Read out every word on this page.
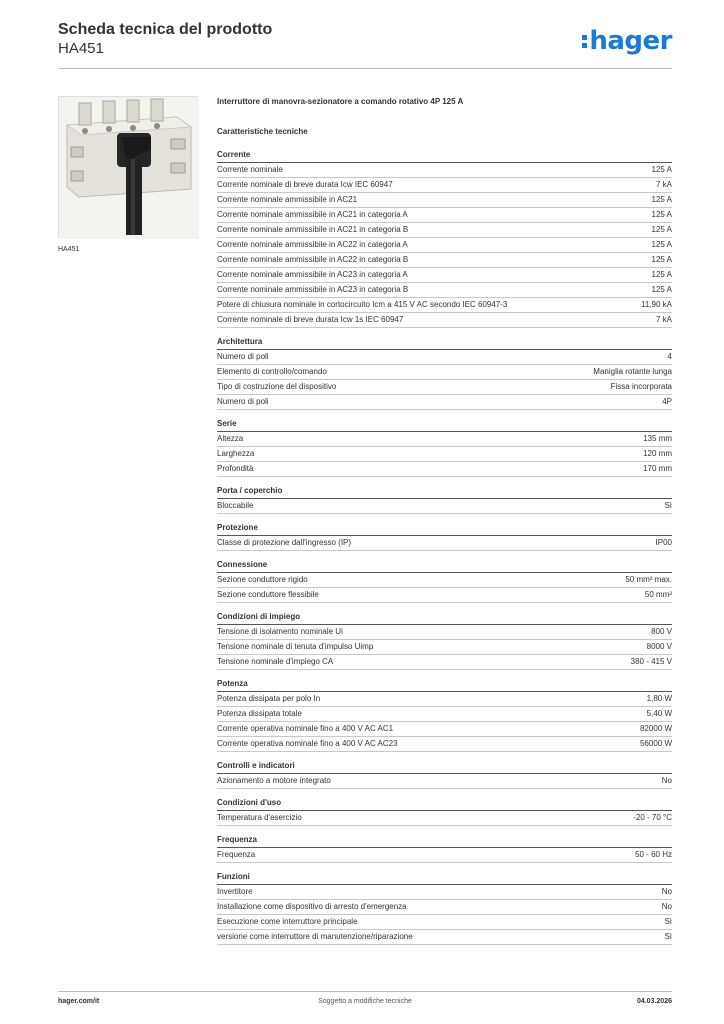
Scheda tecnica del prodotto
HA451	hager
HA451
Interruttore di manovra-sezionatore a comando rotativo 4P 125 A
Caratteristiche tecniche
Corrente
Corrente nominale	125 A
Corrente nominale di breve durata Icw IEC 60947	7 kA
Corrente nominale ammissibile in AC21	125 A
Corrente nominale ammissibile in AC21 in categoria A	125 A
Corrente nominale ammissibile in AC21 in categoria B	125 A
Corrente nominale ammissibile in AC22 in categoria A	125 A
Corrente nominale ammissibile in AC22 in categoria B	125 A
Corrente nominale ammissibile in AC23 in categoria A	125 A
Corrente nominale ammissibile in AC23 in categoria B	125 A
Potere di chiusura nominale in cortocircuito Icm a 415 V AC secondo IEC 60947-3	11,90 kA
Corrente nominale di breve durata Icw 1s IEC 60947	7 kA
Architettura
Numero di poli	4
Elemento di controllo/comando	Maniglia rotante lunga
Tipo di costruzione del dispositivo	Fissa incorporata
Numero di poli	4P
Serie
Altezza	135 mm
Larghezza	120 mm
Profondità	170 mm
Porta / coperchio
Bloccabile	Sì
Protezione
Classe di protezione dall'ingresso (IP)	IP00
Connessione
Sezione conduttore rigido	50 mm² max.
Sezione conduttore flessibile	50 mm²
Condizioni di impiego
Tensione di isolamento nominale Ui	800 V
Tensione nominale di tenuta d'impulso Uimp	8000 V
Tensione nominale d'impiego CA	380 - 415 V
Potenza
Potenza dissipata per polo In	1,80 W
Potenza dissipata totale	5,40 W
Corrente operativa nominale fino a 400 V AC AC1	82000 W
Corrente operativa nominale fino a 400 V AC AC23	56000 W
Controlli e indicatori
Azionamento a motore integrato	No
Condizioni d'uso
Temperatura d'esercizio	-20 - 70 °C
Frequenza
Frequenza	50 - 60 Hz
Funzioni
Invertitore	No
Installazione come dispositivo di arresto d'emergenza	No
Esecuzione come interruttore principale	Sì
versione come interruttore di manutenzione/riparazione	Sì
Soggetto a modifiche tecniche
hager.com/it	04.03.2026
